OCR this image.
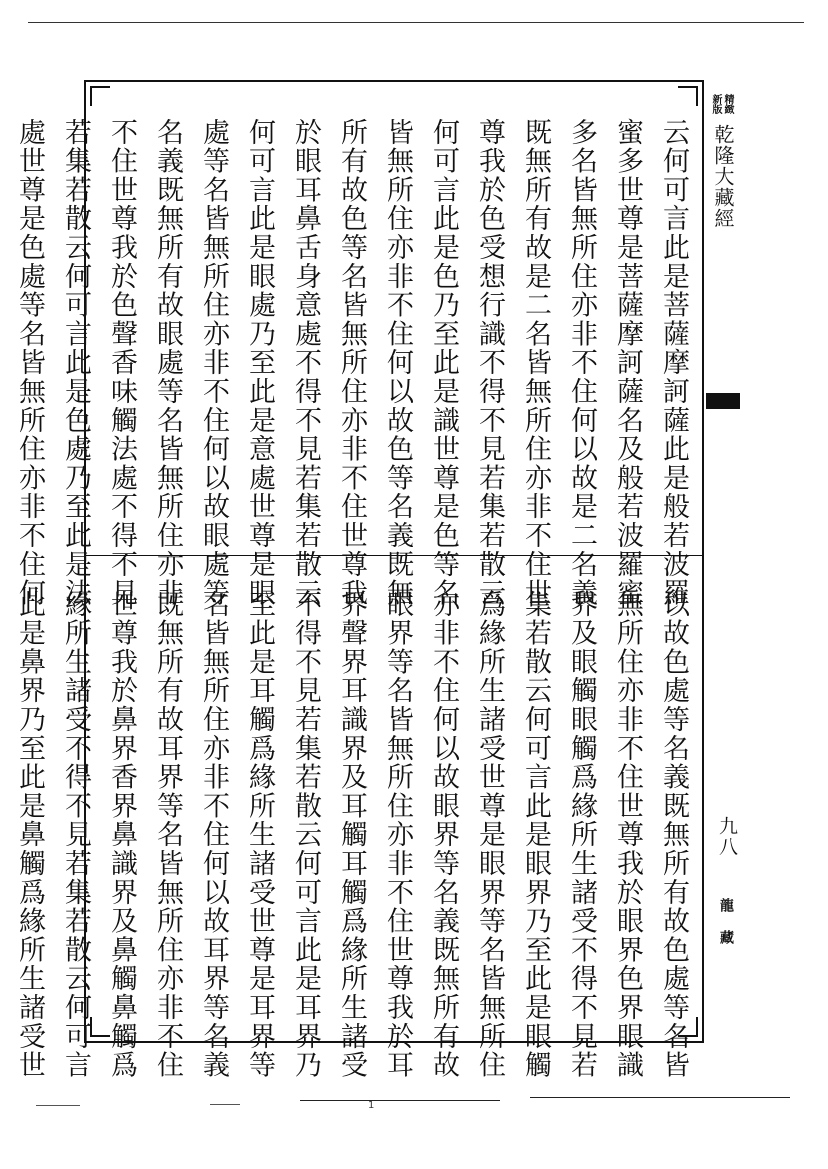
云何可言此是菩薩摩訶薩此是般若波羅
蜜多世尊是菩薩摩訶薩名及般若波羅蜜
多名皆無所住亦非不住何以故是二名義
既無所有故是二名皆無所住亦非不住世
尊我於色受想行識不得不見若集若散云
何可言此是色乃至此是識世尊是色等名
皆無所住亦非不住何以故色等名義既無
所有故色等名皆無所住亦非不住世尊我
於眼耳鼻舌身意處不得不見若集若散云
何可言此是眼處乃至此是意處世尊是眼
處等名皆無所住亦非不住何以故眼處等
名義既無所有故眼處等名皆無所住亦非
不住世尊我於色聲香味觸法處不得不見
若集若散云何可言此是色處乃至此是法
處世尊是色處等名皆無所住亦非不住何
以故色處等名義既無所有故色處等名皆
無所住亦非不住世尊我於眼界色界眼識
界及眼觸眼觸爲緣所生諸受不得不見若
集若散云何可言此是眼界乃至此是眼觸
爲緣所生諸受世尊是眼界等名皆無所住
亦非不住何以故眼界等名義既無所有故
眼界等名皆無所住亦非不住世尊我於耳
界聲界耳識界及耳觸耳觸爲緣所生諸受
不得不見若集若散云何可言此是耳界乃
至此是耳觸爲緣所生諸受世尊是耳界等
名皆無所住亦非不住何以故耳界等名義
既無所有故耳界等名皆無所住亦非不住
世尊我於鼻界香界鼻識界及鼻觸鼻觸爲
緣所生諸受不得不見若集若散云何可言
此是鼻界乃至此是鼻觸爲緣所生諸受世
精緻
新版
乾隆大藏經
九八
龍藏
1
